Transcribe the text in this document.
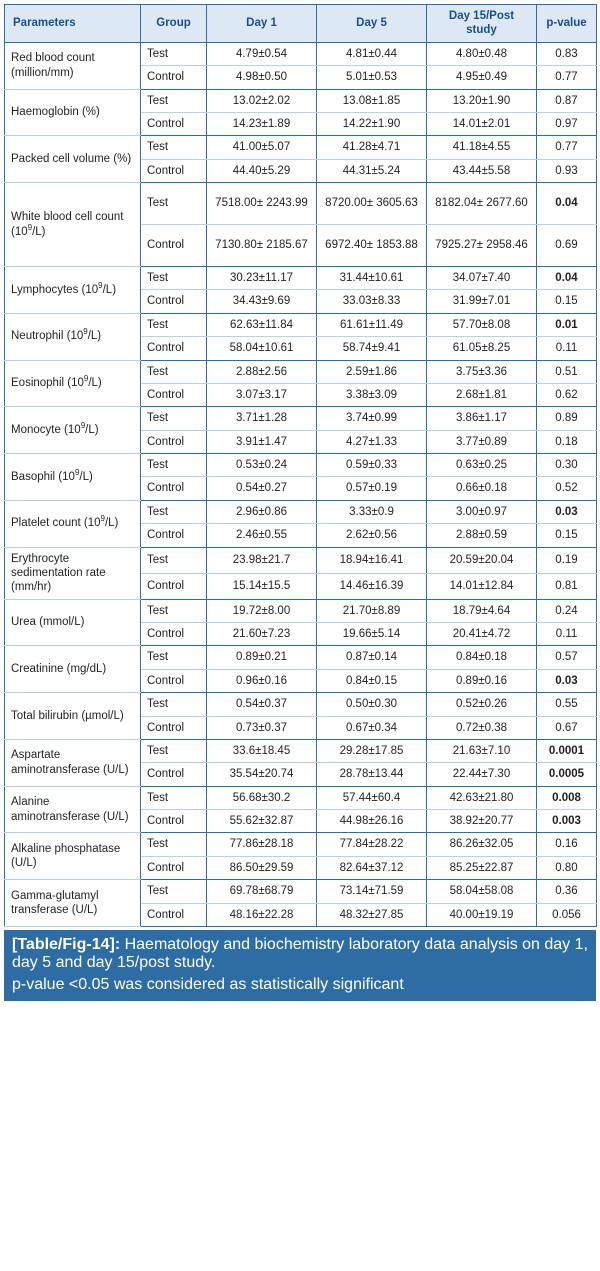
Parameters	Group	Day 1	Day 5	Day 15/Post study	p-value
Red blood count (million/mm)	Test	4.79±0.54	4.81±0.44	4.80±0.48	0.83
	Control	4.98±0.50	5.01±0.53	4.95±0.49	0.77
Haemoglobin (%)	Test	13.02±2.02	13.08±1.85	13.20±1.90	0.87
	Control	14.23±1.89	14.22±1.90	14.01±2.01	0.97
Packed cell volume (%)	Test	41.00±5.07	41.28±4.71	41.18±4.55	0.77
	Control	44.40±5.29	44.31±5.24	43.44±5.58	0.93
White blood cell count $(10^9/L)$	Test	7518.00± 2243.99	8720.00± 3605.63	8182.04± 2677.60	0.04
	Control	7130.80± 2185.67	6972.40± 1853.88	7925.27± 2958.46	0.69
Lymphocytes $(10^9/L)$	Test	30.23±11.17	31.44±10.61	34.07±7.40	0.04
	Control	34.43±9.69	33.03±8.33	31.99±7.01	0.15
Neutrophil $(10^9/L)$	Test	62.63±11.84	61.61±11.49	57.70±8.08	0.01
	Control	58.04±10.61	58.74±9.41	61.05±8.25	0.11
Eosinophil $(10^9/L)$	Test	2.88±2.56	2.59±1.86	3.75±3.36	0.51
	Control	3.07±3.17	3.38±3.09	2.68±1.81	0.62
Monocyte $(10^9/L)$	Test	3.71±1.28	3.74±0.99	3.86±1.17	0.89
	Control	3.91±1.47	4.27±1.33	3.77±0.89	0.18
Basophil $(10^9/L)$	Test	0.53±0.24	0.59±0.33	0.63±0.25	0.30
	Control	0.54±0.27	0.57±0.19	0.66±0.18	0.52
Platelet count $(10^9/L)$	Test	2.96±0.86	3.33±0.9	3.00±0.97	0.03
	Control	2.46±0.55	2.62±0.56	2.88±0.59	0.15
Erythrocyte sedimentation rate (mm/hr)	Test	23.98±21.7	18.94±16.41	20.59±20.04	0.19
	Control	15.14±15.5	14.46±16.39	14.01±12.84	0.81
Urea (mmol/L)	Test	19.72±8.00	21.70±8.89	18.79±4.64	0.24
	Control	21.60±7.23	19.66±5.14	20.41±4.72	0.11
Creatinine (mg/dL)	Test	0.89±0.21	0.87±0.14	0.84±0.18	0.57
	Control	0.96±0.16	0.84±0.15	0.89±0.16	0.03
Total bilirubin (µmol/L)	Test	0.54±0.37	0.50±0.30	0.52±0.26	0.55
	Control	0.73±0.37	0.67±0.34	0.72±0.38	0.67
Aspartate aminotransferase (U/L)	Test	33.6±18.45	29.28±17.85	21.63±7.10	0.0001
	Control	35.54±20.74	28.78±13.44	22.44±7.30	0.0005
Alanine aminotransferase (U/L)	Test	56.68±30.2	57.44±60.4	42.63±21.80	0.008
	Control	55.62±32.87	44.98±26.16	38.92±20.77	0.003
Alkaline phosphatase (U/L)	Test	77.86±28.18	77.84±28.22	86.26±32.05	0.16
	Control	86.50±29.59	82.64±37.12	85.25±22.87	0.80
Gamma-glutamyl transferase (U/L)	Test	69.78±68.79	73.14±71.59	58.04±58.08	0.36
	Control	48.16±22.28	48.32±27.85	40.00±19.19	0.056
[Table/Fig-14]: Haematology and biochemistry laboratory data analysis on day 1, day 5 and day 15/post study.
p-value <0.05 was considered as statistically significant
